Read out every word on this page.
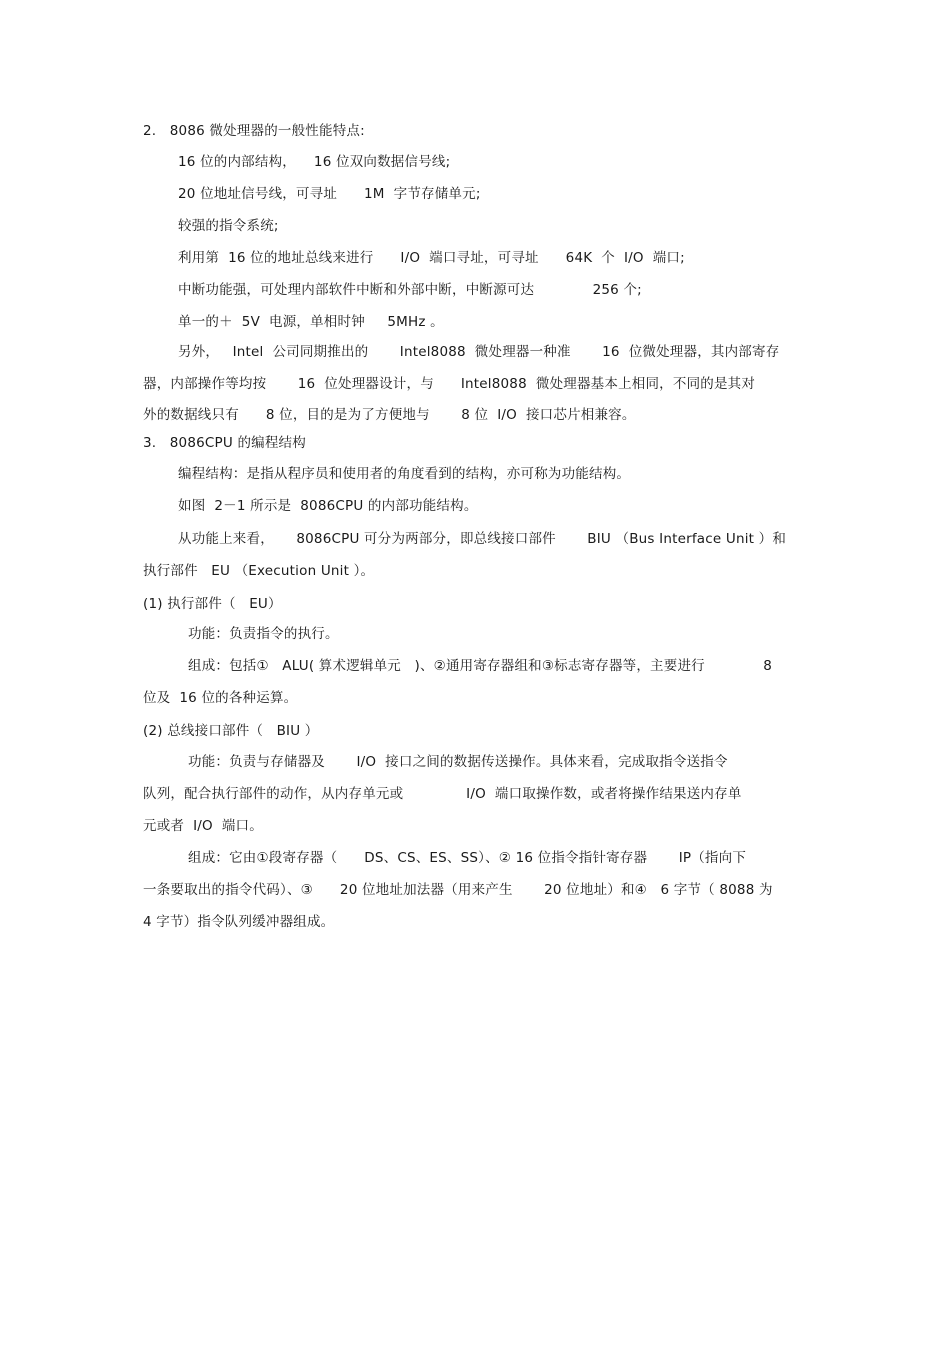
2.   8086 微处理器的一般性能特点:
16 位的内部结构，    16 位双向数据信号线;
20 位地址信号线，可寻址      1M  字节存储单元;
较强的指令系统;
利用第  16 位的地址总线来进行      I/O  端口寻址，可寻址      64K  个  I/O  端口;
中断功能强，可处理内部软件中断和外部中断，中断源可达             256 个;
单一的＋  5V  电源，单相时钟     5MHz 。
另外，   Intel  公司同期推出的       Intel8088  微处理器一种准       16  位微处理器，其内部寄存
器，内部操作等均按       16  位处理器设计，与      Intel8088  微处理器基本上相同，不同的是其对
外的数据线只有      8 位，目的是为了方便地与       8 位  I/O  接口芯片相兼容。
3.   8086CPU 的编程结构
编程结构：是指从程序员和使用者的角度看到的结构，亦可称为功能结构。
如图  2－1 所示是  8086CPU 的内部功能结构。
从功能上来看，     8086CPU 可分为两部分，即总线接口部件       BIU （Bus Interface Unit ）和
执行部件   EU （Execution Unit ）。
(1) 执行部件（   EU）
功能：负责指令的执行。
组成：包括①   ALU( 算术逻辑单元   )、②通用寄存器组和③标志寄存器等，主要进行             8
位及  16 位的各种运算。
(2) 总线接口部件（   BIU ）
功能：负责与存储器及       I/O  接口之间的数据传送操作。具体来看，完成取指令送指令
队列，配合执行部件的动作，从内存单元或              I/O  端口取操作数，或者将操作结果送内存单
元或者  I/O  端口。
组成：它由①段寄存器（      DS、CS、ES、SS）、② 16 位指令指针寄存器       IP（指向下
一条要取出的指令代码）、③      20 位地址加法器（用来产生       20 位地址）和④   6 字节（ 8088 为
4 字节）指令队列缓冲器组成。
